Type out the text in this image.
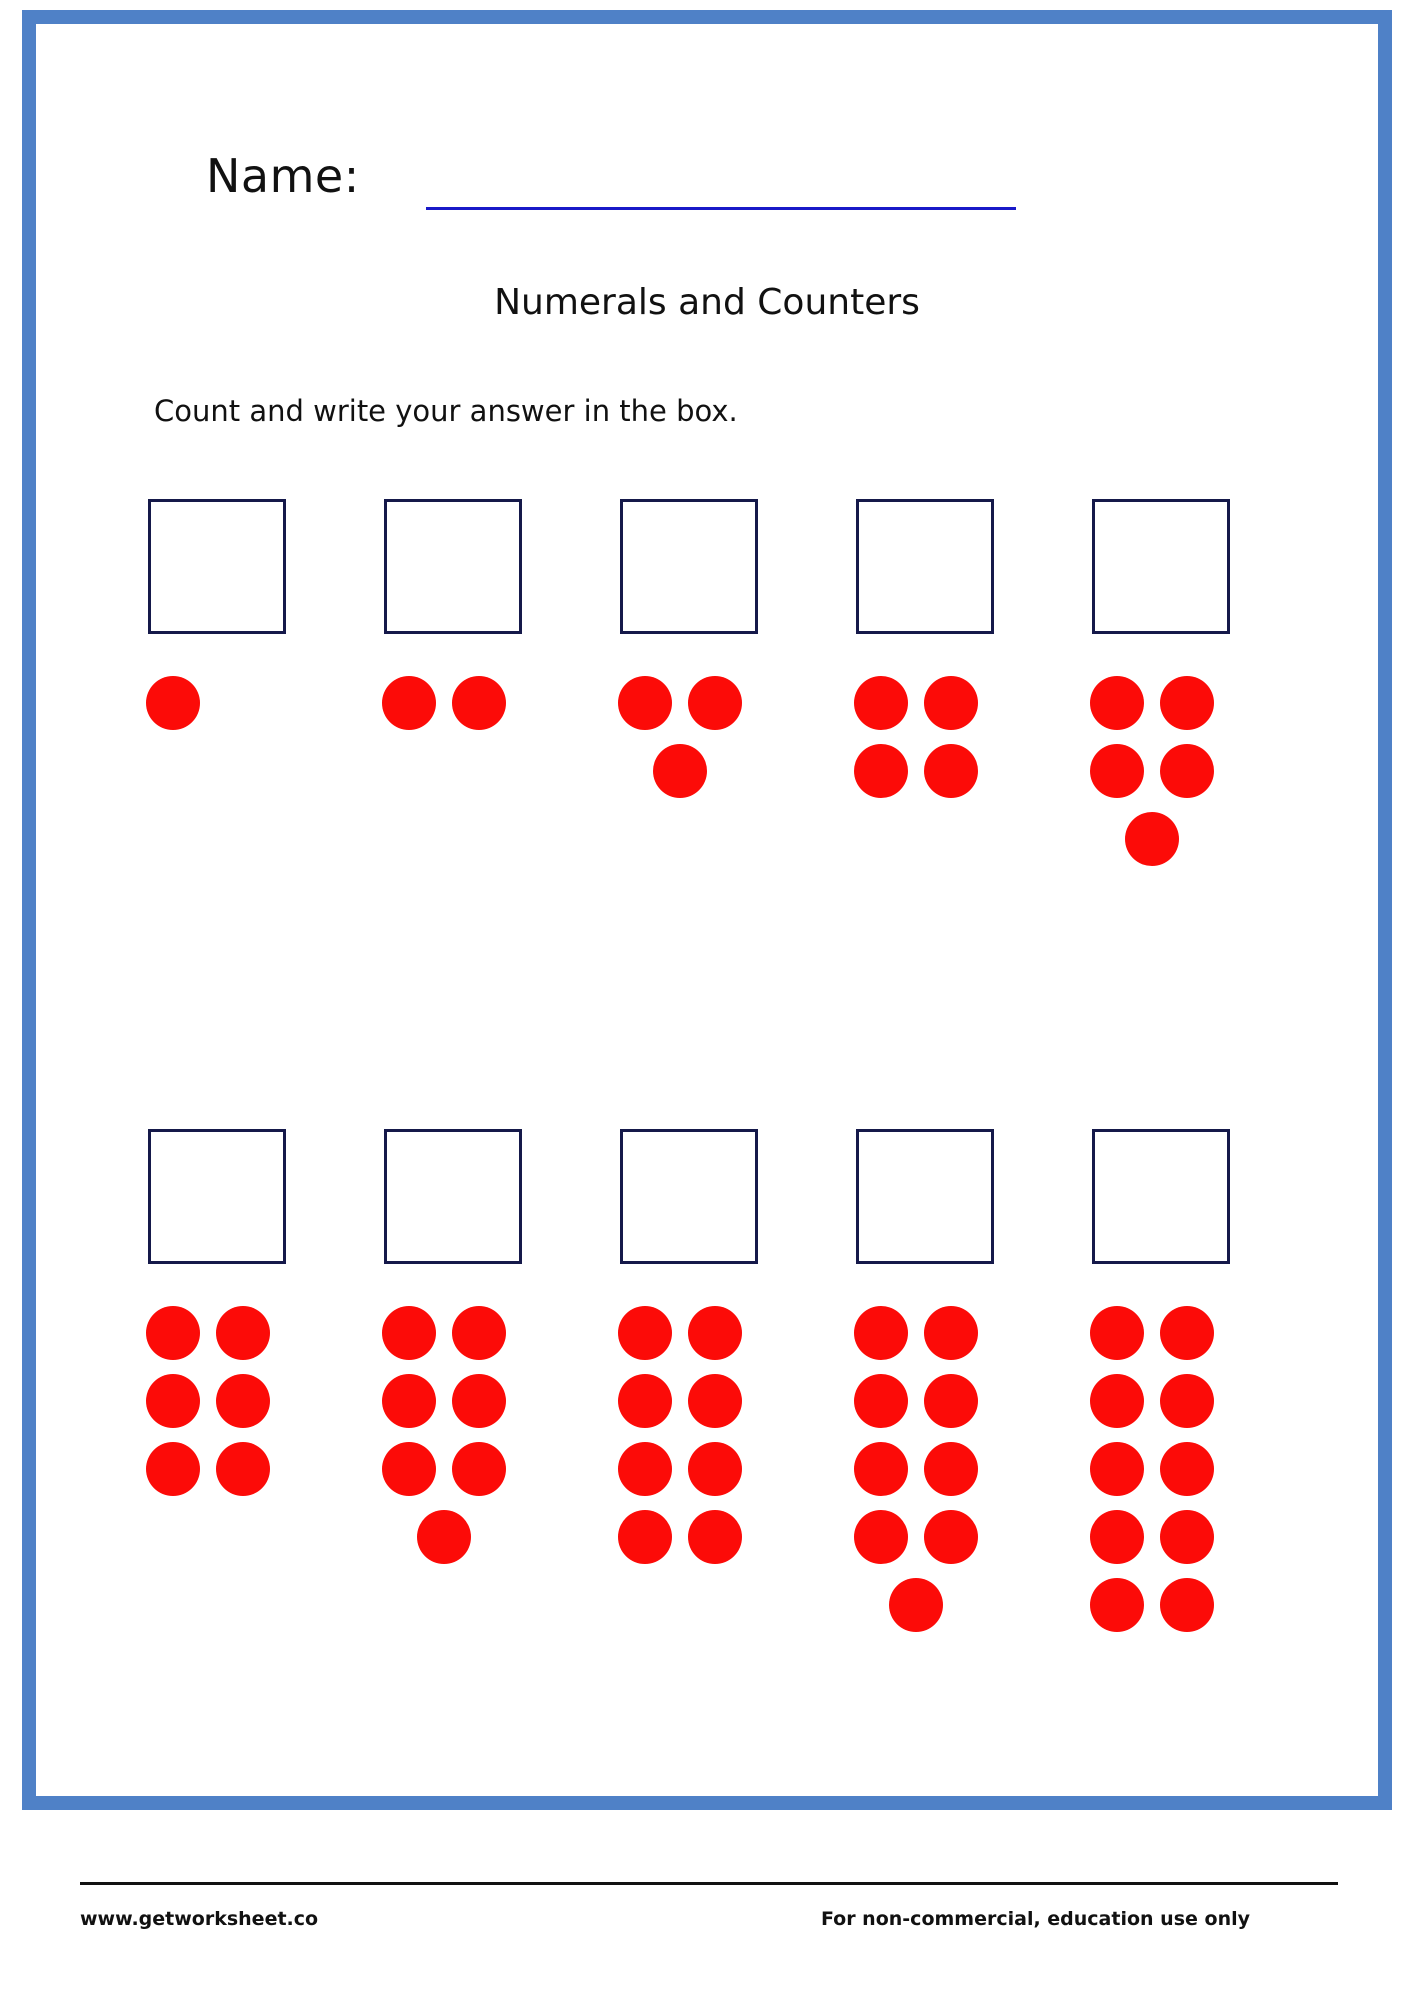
Name:
Numerals and Counters
Count and write your answer in the box.
www.getworksheet.co	For non-commercial, education use only
